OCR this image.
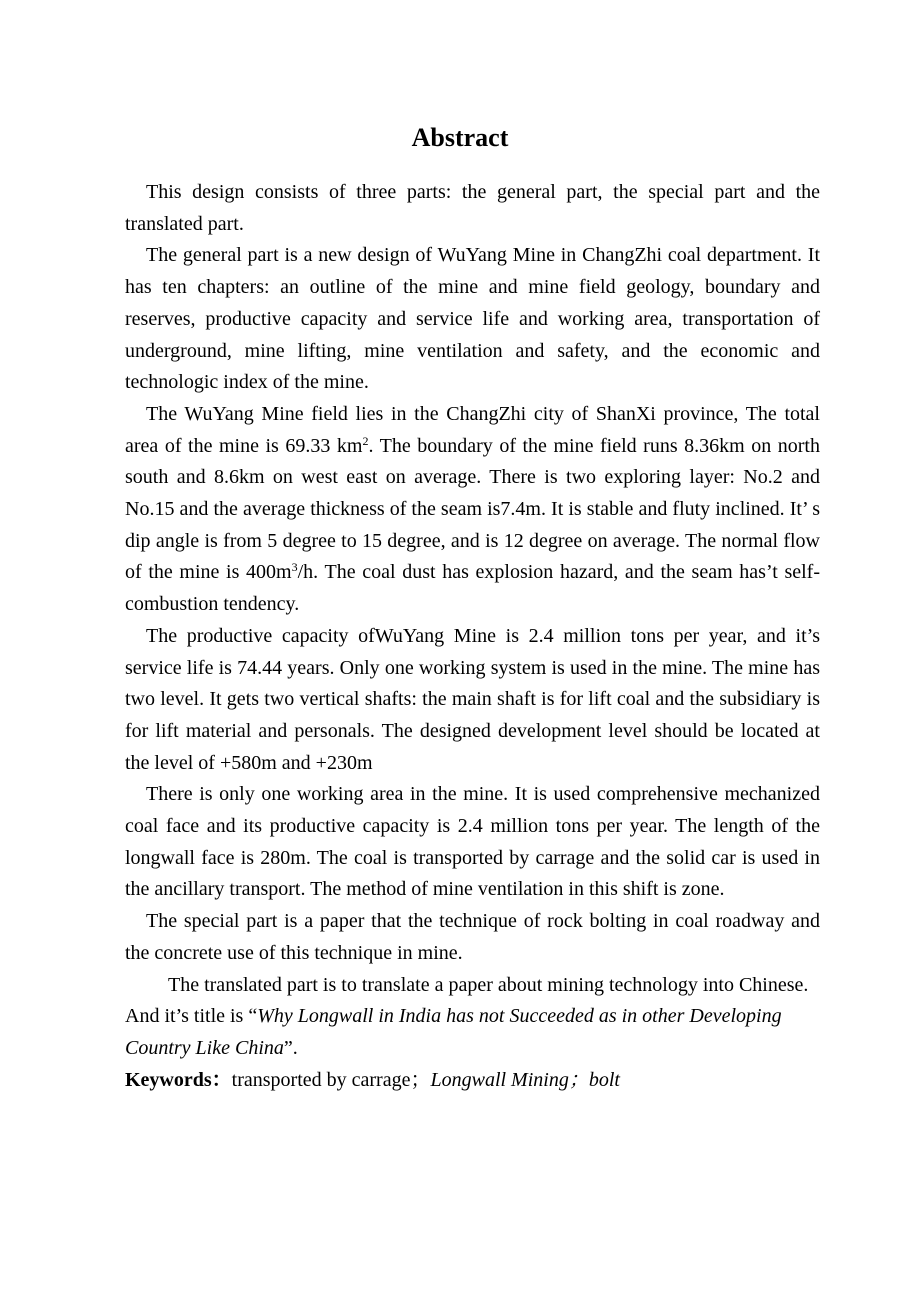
Abstract

This design consists of three parts: the general part, the special part and the translated part.

The general part is a new design of WuYang Mine in ChangZhi coal department. It has ten chapters: an outline of the mine and mine field geology, boundary and reserves, productive capacity and service life and working area, transportation of underground, mine lifting, mine ventilation and safety, and the economic and technologic index of the mine.

The WuYang Mine field lies in the ChangZhi city of ShanXi province, The total area of the mine is 69.33 $km^2$. The boundary of the mine field runs 8.36km on north south and 8.6km on west east on average. There is two exploring layer: No.2 and No.15 and the average thickness of the seam is7.4m. It is stable and fluty inclined. It’ s dip angle is from 5 degree to 15 degree, and is 12 degree on average. The normal flow of the mine is $400m^3/h$. The coal dust has explosion hazard, and the seam has’t self-combustion tendency.

The productive capacity ofWuYang Mine is 2.4 million tons per year, and it’s service life is 74.44 years. Only one working system is used in the mine. The mine has two level. It gets two vertical shafts: the main shaft is for lift coal and the subsidiary is for lift material and personals. The designed development level should be located at the level of +580m and +230m

There is only one working area in the mine. It is used comprehensive mechanized coal face and its productive capacity is 2.4 million tons per year. The length of the longwall face is 280m. The coal is transported by carrage and the solid car is used in the ancillary transport. The method of mine ventilation in this shift is zone.

The special part is a paper that the technique of rock bolting in coal roadway and the concrete use of this technique in mine.

The translated part is to translate a paper about mining technology into Chinese. And it’s title is “Why Longwall in India has not Succeeded as in other Developing Country Like China”.

Keywords：transported by carrage；Longwall Mining；bolt
